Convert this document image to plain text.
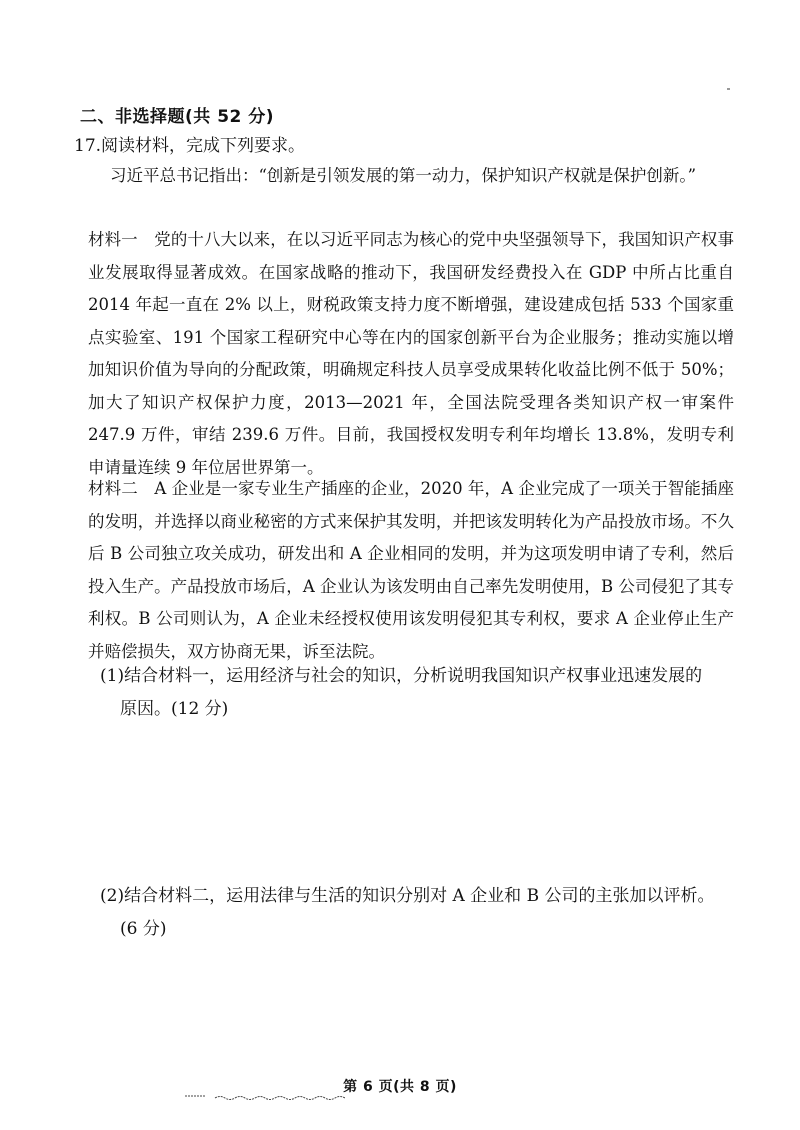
二、非选择题(共 52 分)
17.阅读材料，完成下列要求。
习近平总书记指出：“创新是引领发展的第一动力，保护知识产权就是保护创新。”
材料一　党的十八大以来，在以习近平同志为核心的党中央坚强领导下，我国知识产权事业发展取得显著成效。在国家战略的推动下，我国研发经费投入在 GDP 中所占比重自 2014 年起一直在 2% 以上，财税政策支持力度不断增强，建设建成包括 533 个国家重点实验室、191 个国家工程研究中心等在内的国家创新平台为企业服务；推动实施以增加知识价值为导向的分配政策，明确规定科技人员享受成果转化收益比例不低于 50%；加大了知识产权保护力度，2013—2021 年，全国法院受理各类知识产权一审案件 247.9 万件，审结 239.6 万件。目前，我国授权发明专利年均增长 13.8%，发明专利申请量连续 9 年位居世界第一。
材料二　A 企业是一家专业生产插座的企业，2020 年，A 企业完成了一项关于智能插座的发明，并选择以商业秘密的方式来保护其发明，并把该发明转化为产品投放市场。不久后 B 公司独立攻关成功，研发出和 A 企业相同的发明，并为这项发明申请了专利，然后投入生产。产品投放市场后，A 企业认为该发明由自己率先发明使用，B 公司侵犯了其专利权。B 公司则认为，A 企业未经授权使用该发明侵犯其专利权，要求 A 企业停止生产并赔偿损失，双方协商无果，诉至法院。
(1)结合材料一，运用经济与社会的知识，分析说明我国知识产权事业迅速发展的
原因。(12 分)
(2)结合材料二，运用法律与生活的知识分别对 A 企业和 B 公司的主张加以评析。
(6 分)
第 6 页(共 8 页)
